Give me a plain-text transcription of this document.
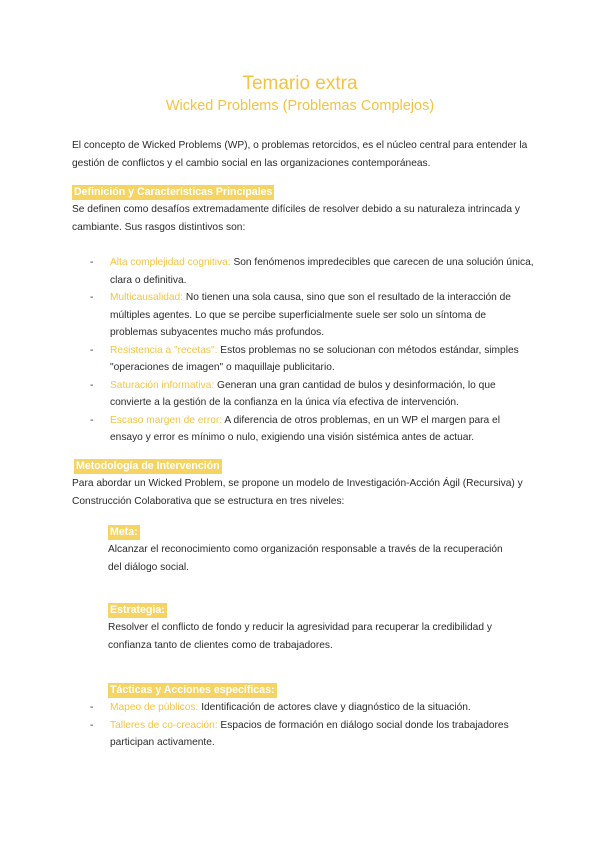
Temario extra
Wicked Problems (Problemas Complejos)
El concepto de Wicked Problems (WP), o problemas retorcidos, es el núcleo central para entender la gestión de conflictos y el cambio social en las organizaciones contemporáneas.
Definición y Características Principales
Se definen como desafíos extremadamente difíciles de resolver debido a su naturaleza intrincada y cambiante. Sus rasgos distintivos son:
- Alta complejidad cognitiva: Son fenómenos impredecibles que carecen de una solución única, clara o definitiva.
- Multicausalidad: No tienen una sola causa, sino que son el resultado de la interacción de múltiples agentes. Lo que se percibe superficialmente suele ser solo un síntoma de problemas subyacentes mucho más profundos.
- Resistencia a "recetas": Estos problemas no se solucionan con métodos estándar, simples "operaciones de imagen" o maquillaje publicitario.
- Saturación informativa: Generan una gran cantidad de bulos y desinformación, lo que convierte a la gestión de la confianza en la única vía efectiva de intervención.
- Escaso margen de error: A diferencia de otros problemas, en un WP el margen para el ensayo y error es mínimo o nulo, exigiendo una visión sistémica antes de actuar.
Metodología de Intervención
Para abordar un Wicked Problem, se propone un modelo de Investigación-Acción Ágil (Recursiva) y Construcción Colaborativa que se estructura en tres niveles:
Meta:
Alcanzar el reconocimiento como organización responsable a través de la recuperación del diálogo social.
Estrategia:
Resolver el conflicto de fondo y reducir la agresividad para recuperar la credibilidad y confianza tanto de clientes como de trabajadores.
Tácticas y Acciones específicas:
- Mapeo de públicos: Identificación de actores clave y diagnóstico de la situación.
- Talleres de co-creación: Espacios de formación en diálogo social donde los trabajadores participan activamente.
